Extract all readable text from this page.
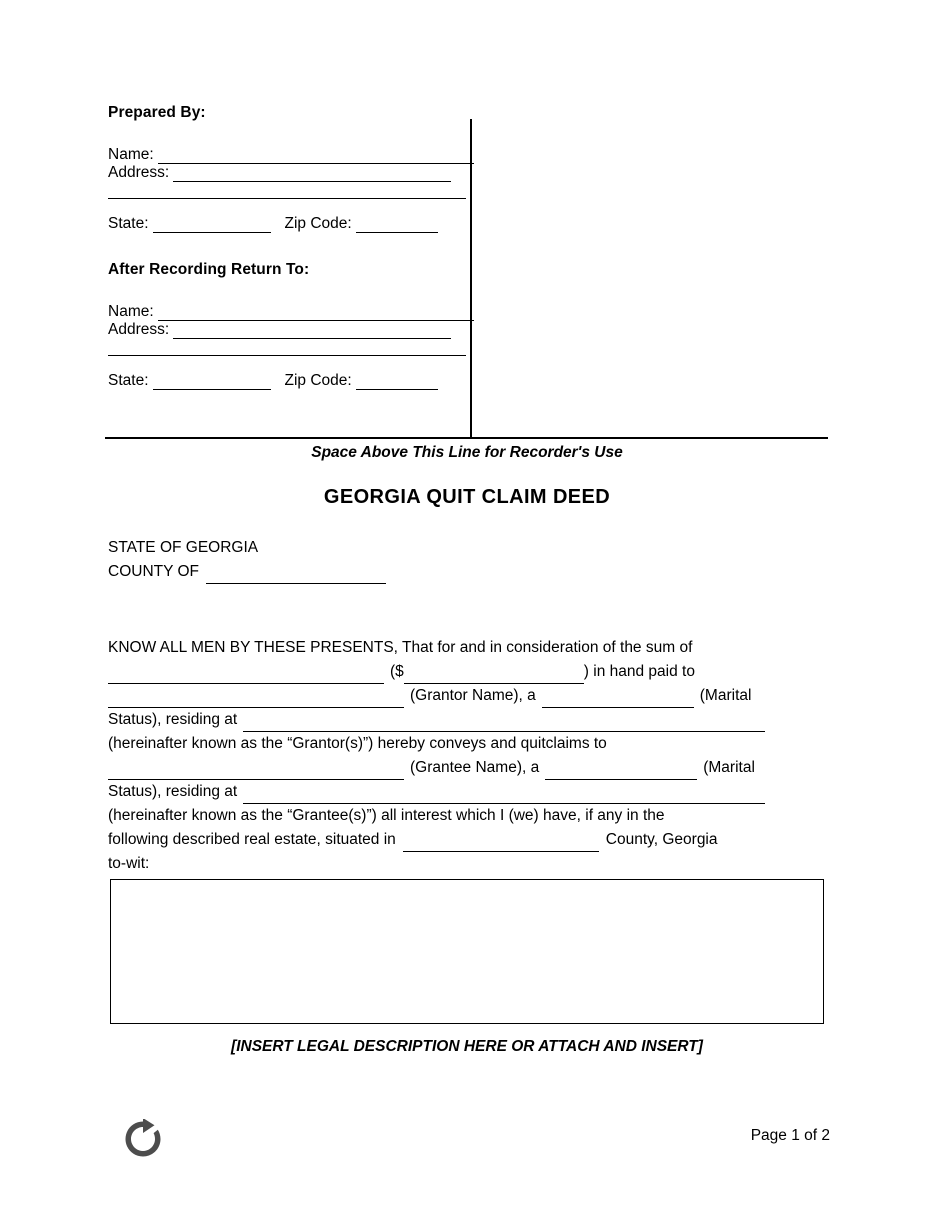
Prepared By:
Name:
Address:
State:	Zip Code:
After Recording Return To:
Name:
Address:
State:	Zip Code:
Space Above This Line for Recorder's Use
GEORGIA QUIT CLAIM DEED
STATE OF GEORGIA
COUNTY OF
KNOW ALL MEN BY THESE PRESENTS, That for and in consideration of the sum of
($	) in hand paid to
(Grantor Name), a	(Marital
Status), residing at
(hereinafter known as the “Grantor(s)”) hereby conveys and quitclaims to
(Grantee Name), a	(Marital
Status), residing at
(hereinafter known as the “Grantee(s)”) all interest which I (we) have, if any in the
following described real estate, situated in	County, Georgia
to-wit:
[INSERT LEGAL DESCRIPTION HERE OR ATTACH AND INSERT]
Page 1 of 2
